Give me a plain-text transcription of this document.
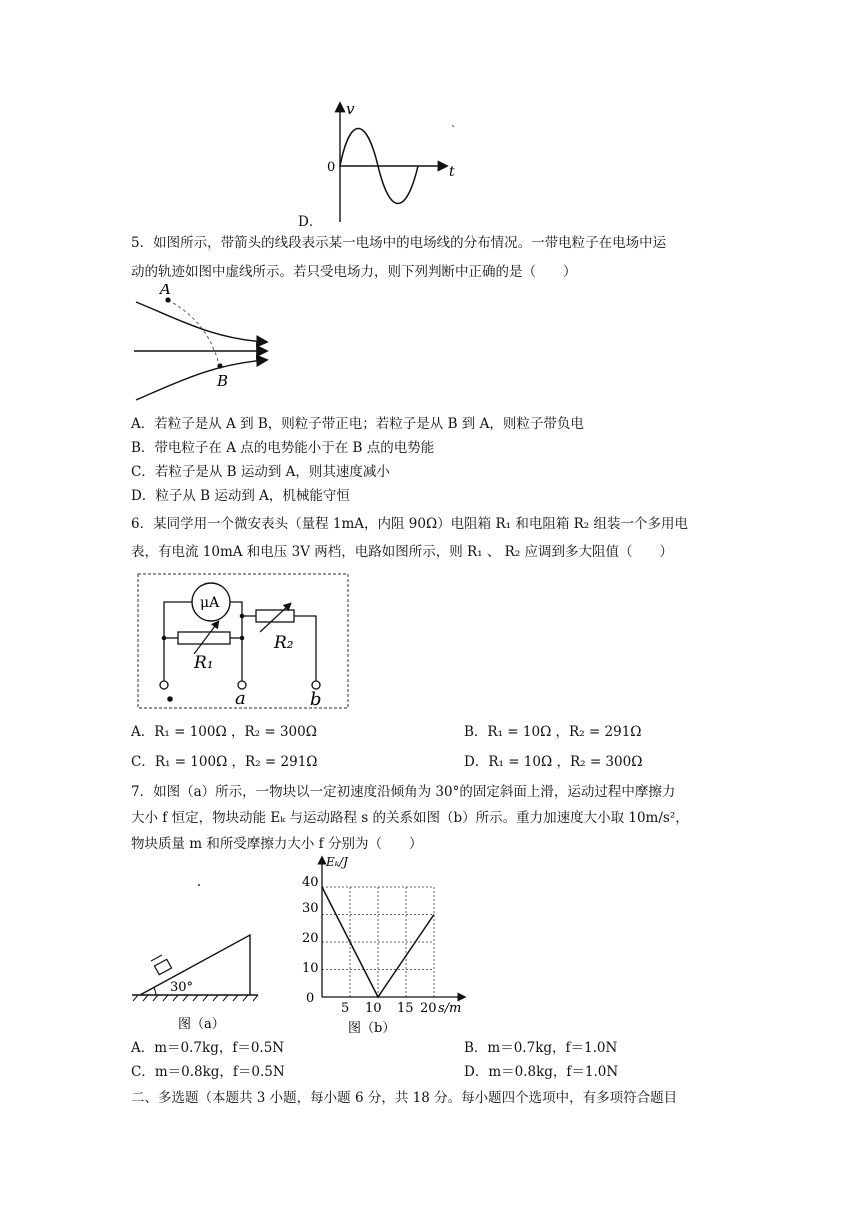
D．
v
t
0
5．如图所示，带箭头的线段表示某一电场中的电场线的分布情况。一带电粒子在电场中运
动的轨迹如图中虚线所示。若只受电场力，则下列判断中正确的是（　　）
A
B
A．若粒子是从 A 到 B，则粒子带正电；若粒子是从 B 到 A，则粒子带负电
B．带电粒子在 A 点的电势能小于在 B 点的电势能
C．若粒子是从 B 运动到 A，则其速度减小
D．粒子从 B 运动到 A，机械能守恒
6．某同学用一个微安表头（量程 1mA，内阻 90Ω）电阻箱 R₁ 和电阻箱 R₂ 组装一个多用电
表，有电流 10mA 和电压 3V 两档，电路如图所示，则 R₁ 、 R₂ 应调到多大阻值（　　）
μA
R₁
R₂
a	b
A．R₁ = 100Ω ，R₂ = 300Ω	B．R₁ = 10Ω ，R₂ = 291Ω
C．R₁ = 100Ω ，R₂ = 291Ω	D．R₁ = 10Ω ，R₂ = 300Ω
7．如图（a）所示，一物块以一定初速度沿倾角为 30°的固定斜面上滑，运动过程中摩擦力
大小 f 恒定，物块动能 Eₖ 与运动路程 s 的关系如图（b）所示。重力加速度大小取 10m/s²，
物块质量 m 和所受摩擦力大小 f 分别为（　　）
30°
图（a）
Eₖ/J
s/m
0
10
20
30
40
5 10 15 20
图（b）
A．m＝0.7kg，f＝0.5N	B．m＝0.7kg，f＝1.0N
C．m＝0.8kg，f＝0.5N	D．m＝0.8kg，f＝1.0N
二、多选题（本题共 3 小题，每小题 6 分，共 18 分。每小题四个选项中，有多项符合题目
